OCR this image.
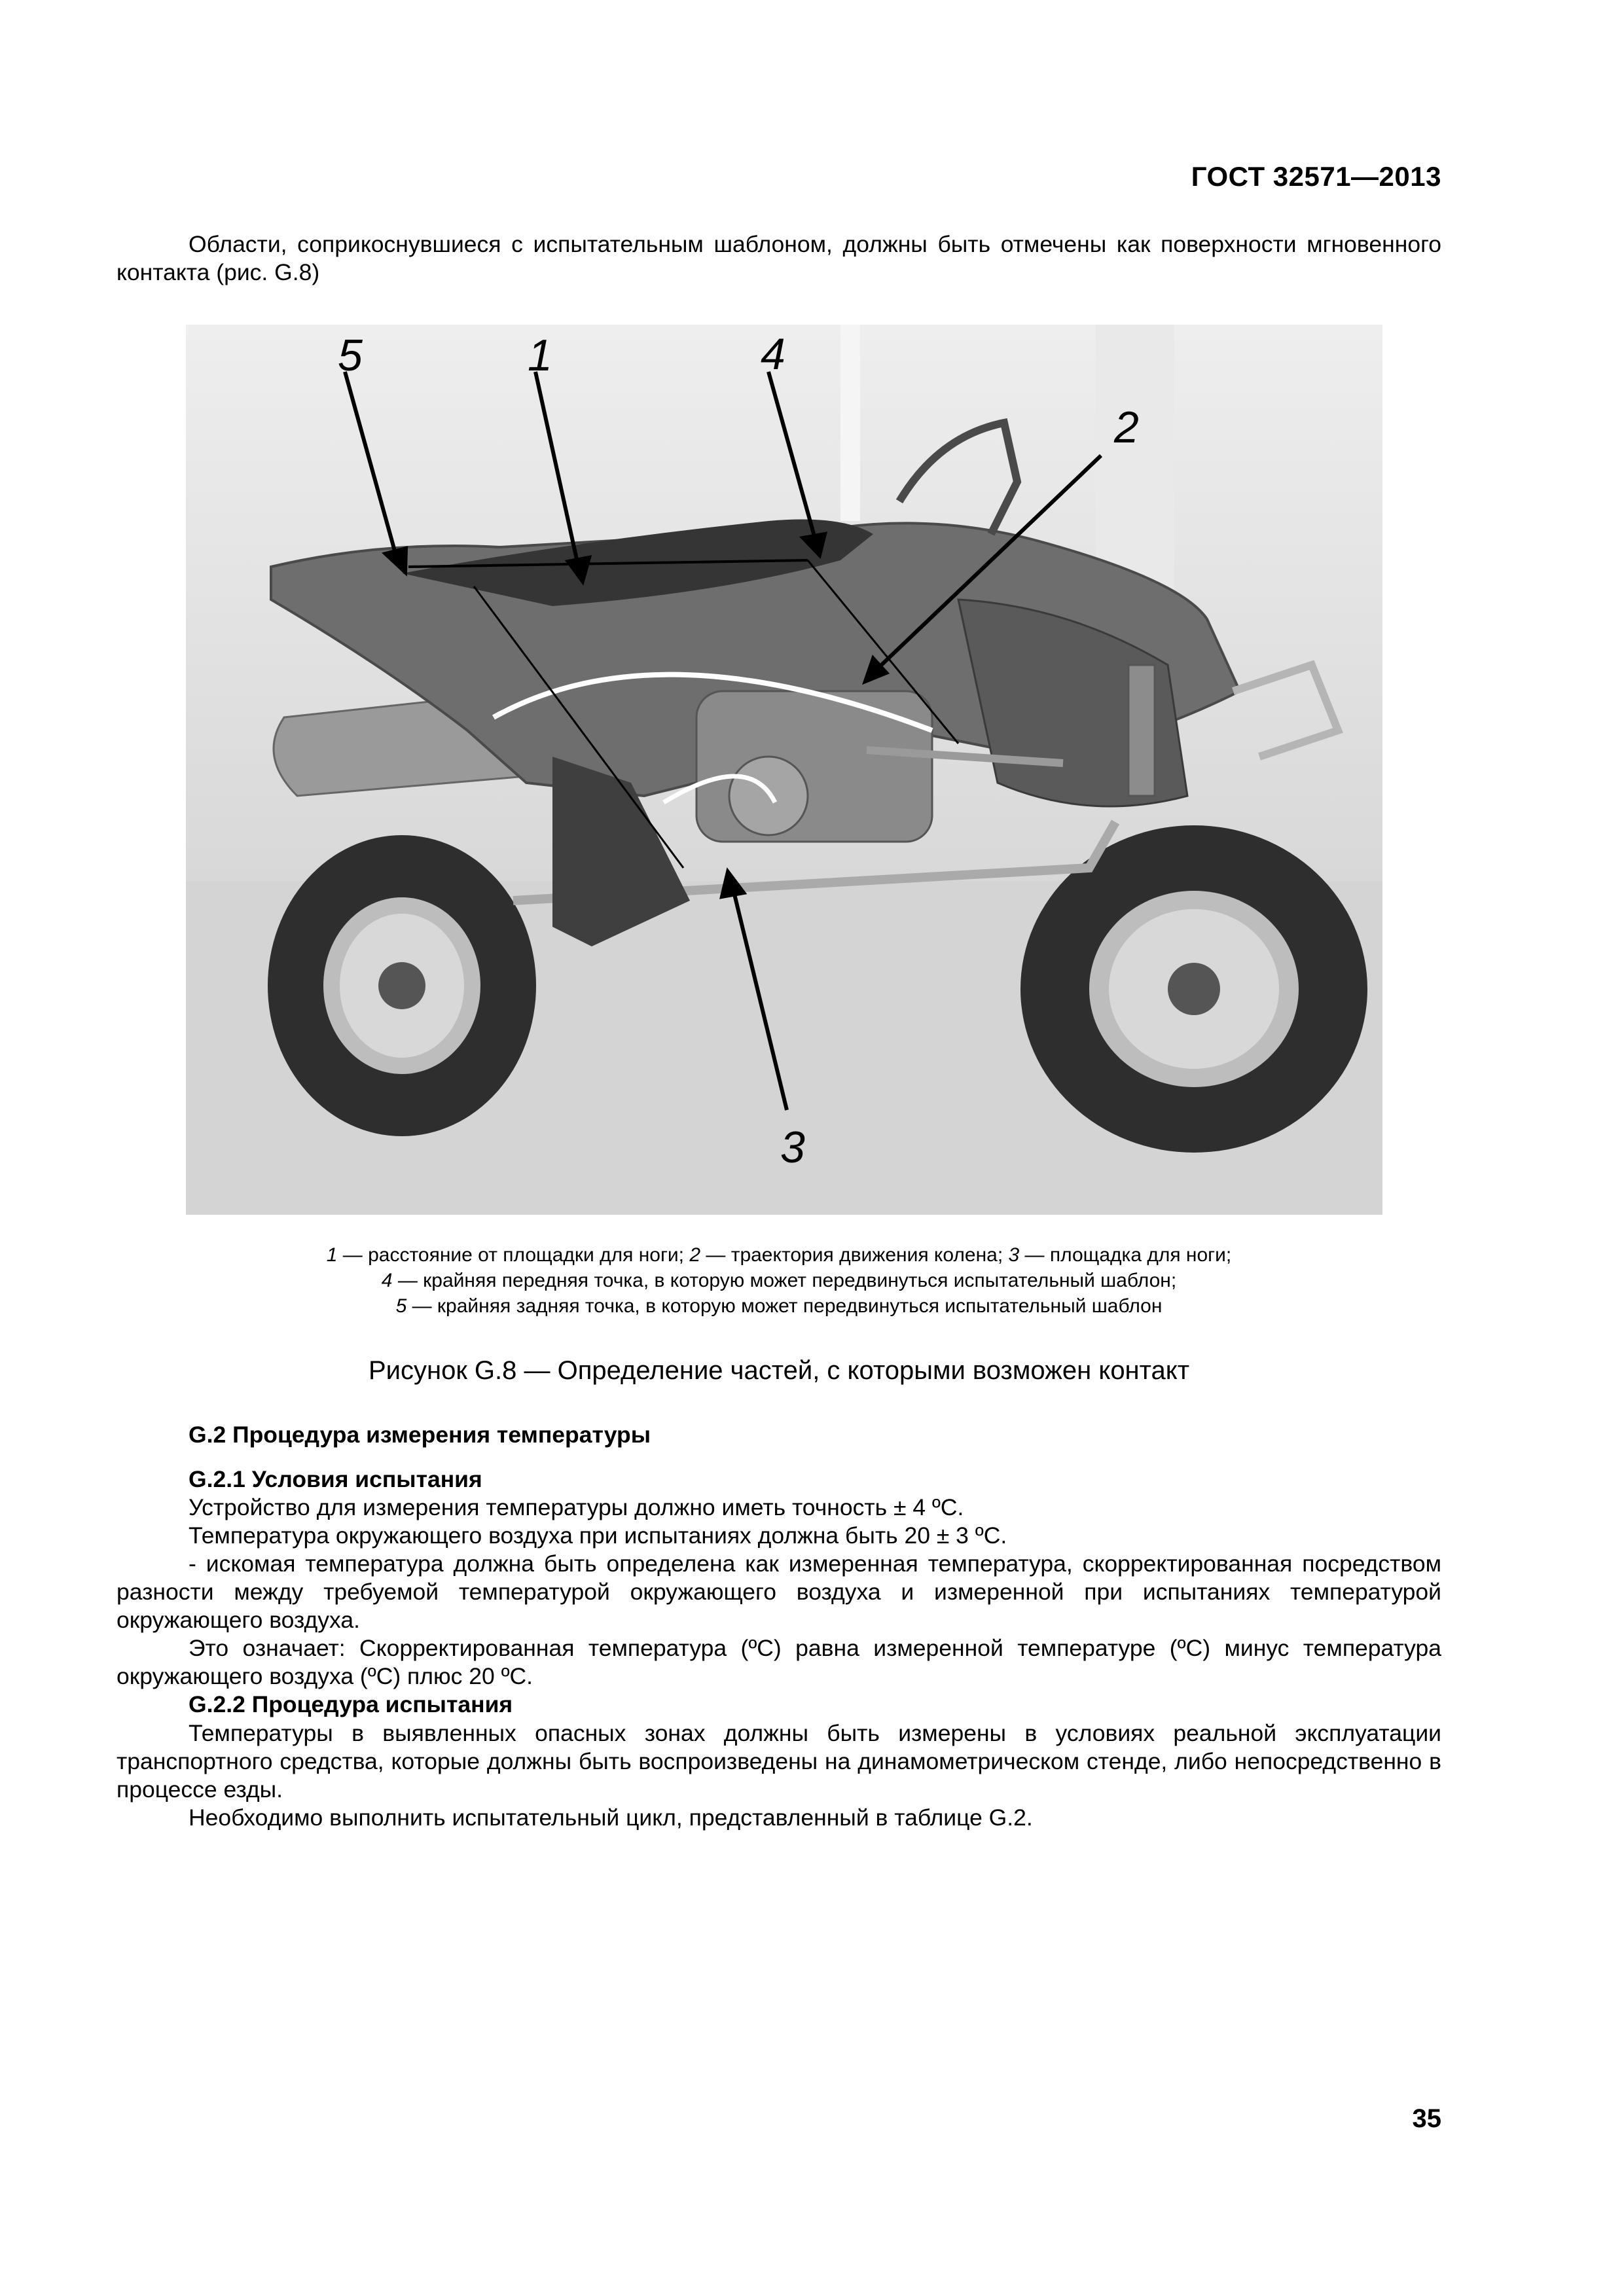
ГОСТ 32571—2013
Области, соприкоснувшиеся с испытательным шаблоном, должны быть отмечены как поверхности мгновенного контакта (рис. G.8)
5	1	4
2
3
1 — расстояние от площадки для ноги; 2 — траектория движения колена; 3 — площадка для ноги;
4 — крайняя передняя точка, в которую может передвинуться испытательный шаблон;
5 — крайняя задняя точка, в которую может передвинуться испытательный шаблон
Рисунок G.8 — Определение частей, с которыми возможен контакт
G.2 Процедура измерения температуры
G.2.1 Условия испытания
Устройство для измерения температуры должно иметь точность ± 4 ºС.
Температура окружающего воздуха при испытаниях должна быть 20 ± 3 ºС.
- искомая температура должна быть определена как измеренная температура, скорректированная посредством разности между требуемой температурой окружающего воздуха и измеренной при испытаниях температурой окружающего воздуха.
Это означает: Скорректированная температура (ºС) равна измеренной температуре (ºС) минус температура окружающего воздуха (ºС) плюс 20 ºС.
G.2.2 Процедура испытания
Температуры в выявленных опасных зонах должны быть измерены в условиях реальной эксплуатации транспортного средства, которые должны быть воспроизведены на динамометрическом стенде, либо непосредственно в процессе езды.
Необходимо выполнить испытательный цикл, представленный в таблице G.2.
35
